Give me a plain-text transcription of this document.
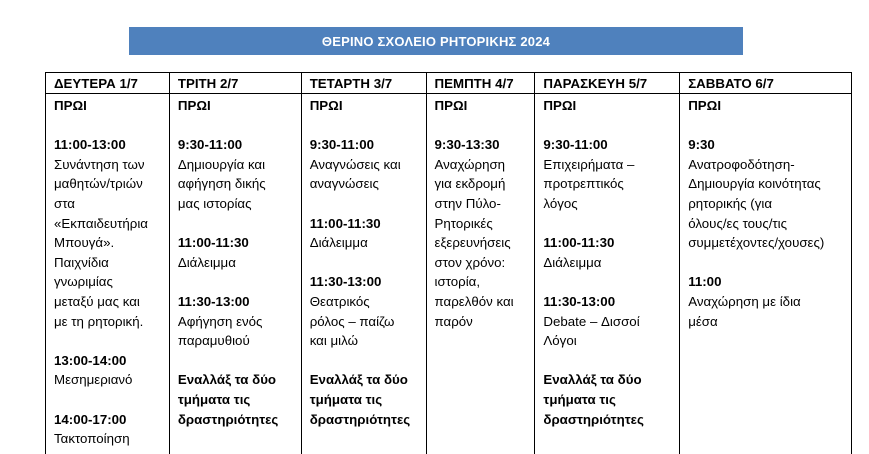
ΘΕΡΙΝΟ ΣΧΟΛΕΙΟ ΡΗΤΟΡΙΚΗΣ 2024
ΔΕΥΤΕΡΑ 1/7
ΠΡΩΙ
11:00-13:00
Συνάντηση των
μαθητών/τριών
στα
«Εκπαιδευτήρια
Μπουγά».
Παιχνίδια
γνωριμίας
μεταξύ μας και
με τη ρητορική.
13:00-14:00
Μεσημεριανό
14:00-17:00
Τακτοποίηση
ΤΡΙΤΗ 2/7
ΠΡΩΙ
9:30-11:00
Δημιουργία και
αφήγηση δικής
μας ιστορίας
11:00-11:30
Διάλειμμα
11:30-13:00
Αφήγηση ενός
παραμυθιού
Εναλλάξ τα δύο
τμήματα τις
δραστηριότητες
ΤΕΤΑΡΤΗ 3/7
ΠΡΩΙ
9:30-11:00
Αναγνώσεις και
αναγνώσεις
11:00-11:30
Διάλειμμα
11:30-13:00
Θεατρικός
ρόλος – παίζω
και μιλώ
Εναλλάξ τα δύο
τμήματα τις
δραστηριότητες
ΠΕΜΠΤΗ 4/7
ΠΡΩΙ
9:30-13:30
Αναχώρηση
για εκδρομή
στην Πύλο-
Ρητορικές
εξερευνήσεις
στον χρόνο:
ιστορία,
παρελθόν και
παρόν
ΠΑΡΑΣΚΕΥΗ 5/7
ΠΡΩΙ
9:30-11:00
Επιχειρήματα –
προτρεπτικός
λόγος
11:00-11:30
Διάλειμμα
11:30-13:00
Debate – Δισσοί
Λόγοι
Εναλλάξ τα δύο
τμήματα τις
δραστηριότητες
ΣΑΒΒΑΤΟ 6/7
ΠΡΩΙ
9:30
Ανατροφοδότηση-
Δημιουργία κοινότητας
ρητορικής (για
όλους/ες τους/τις
συμμετέχοντες/χουσες)
11:00
Αναχώρηση με ίδια
μέσα
